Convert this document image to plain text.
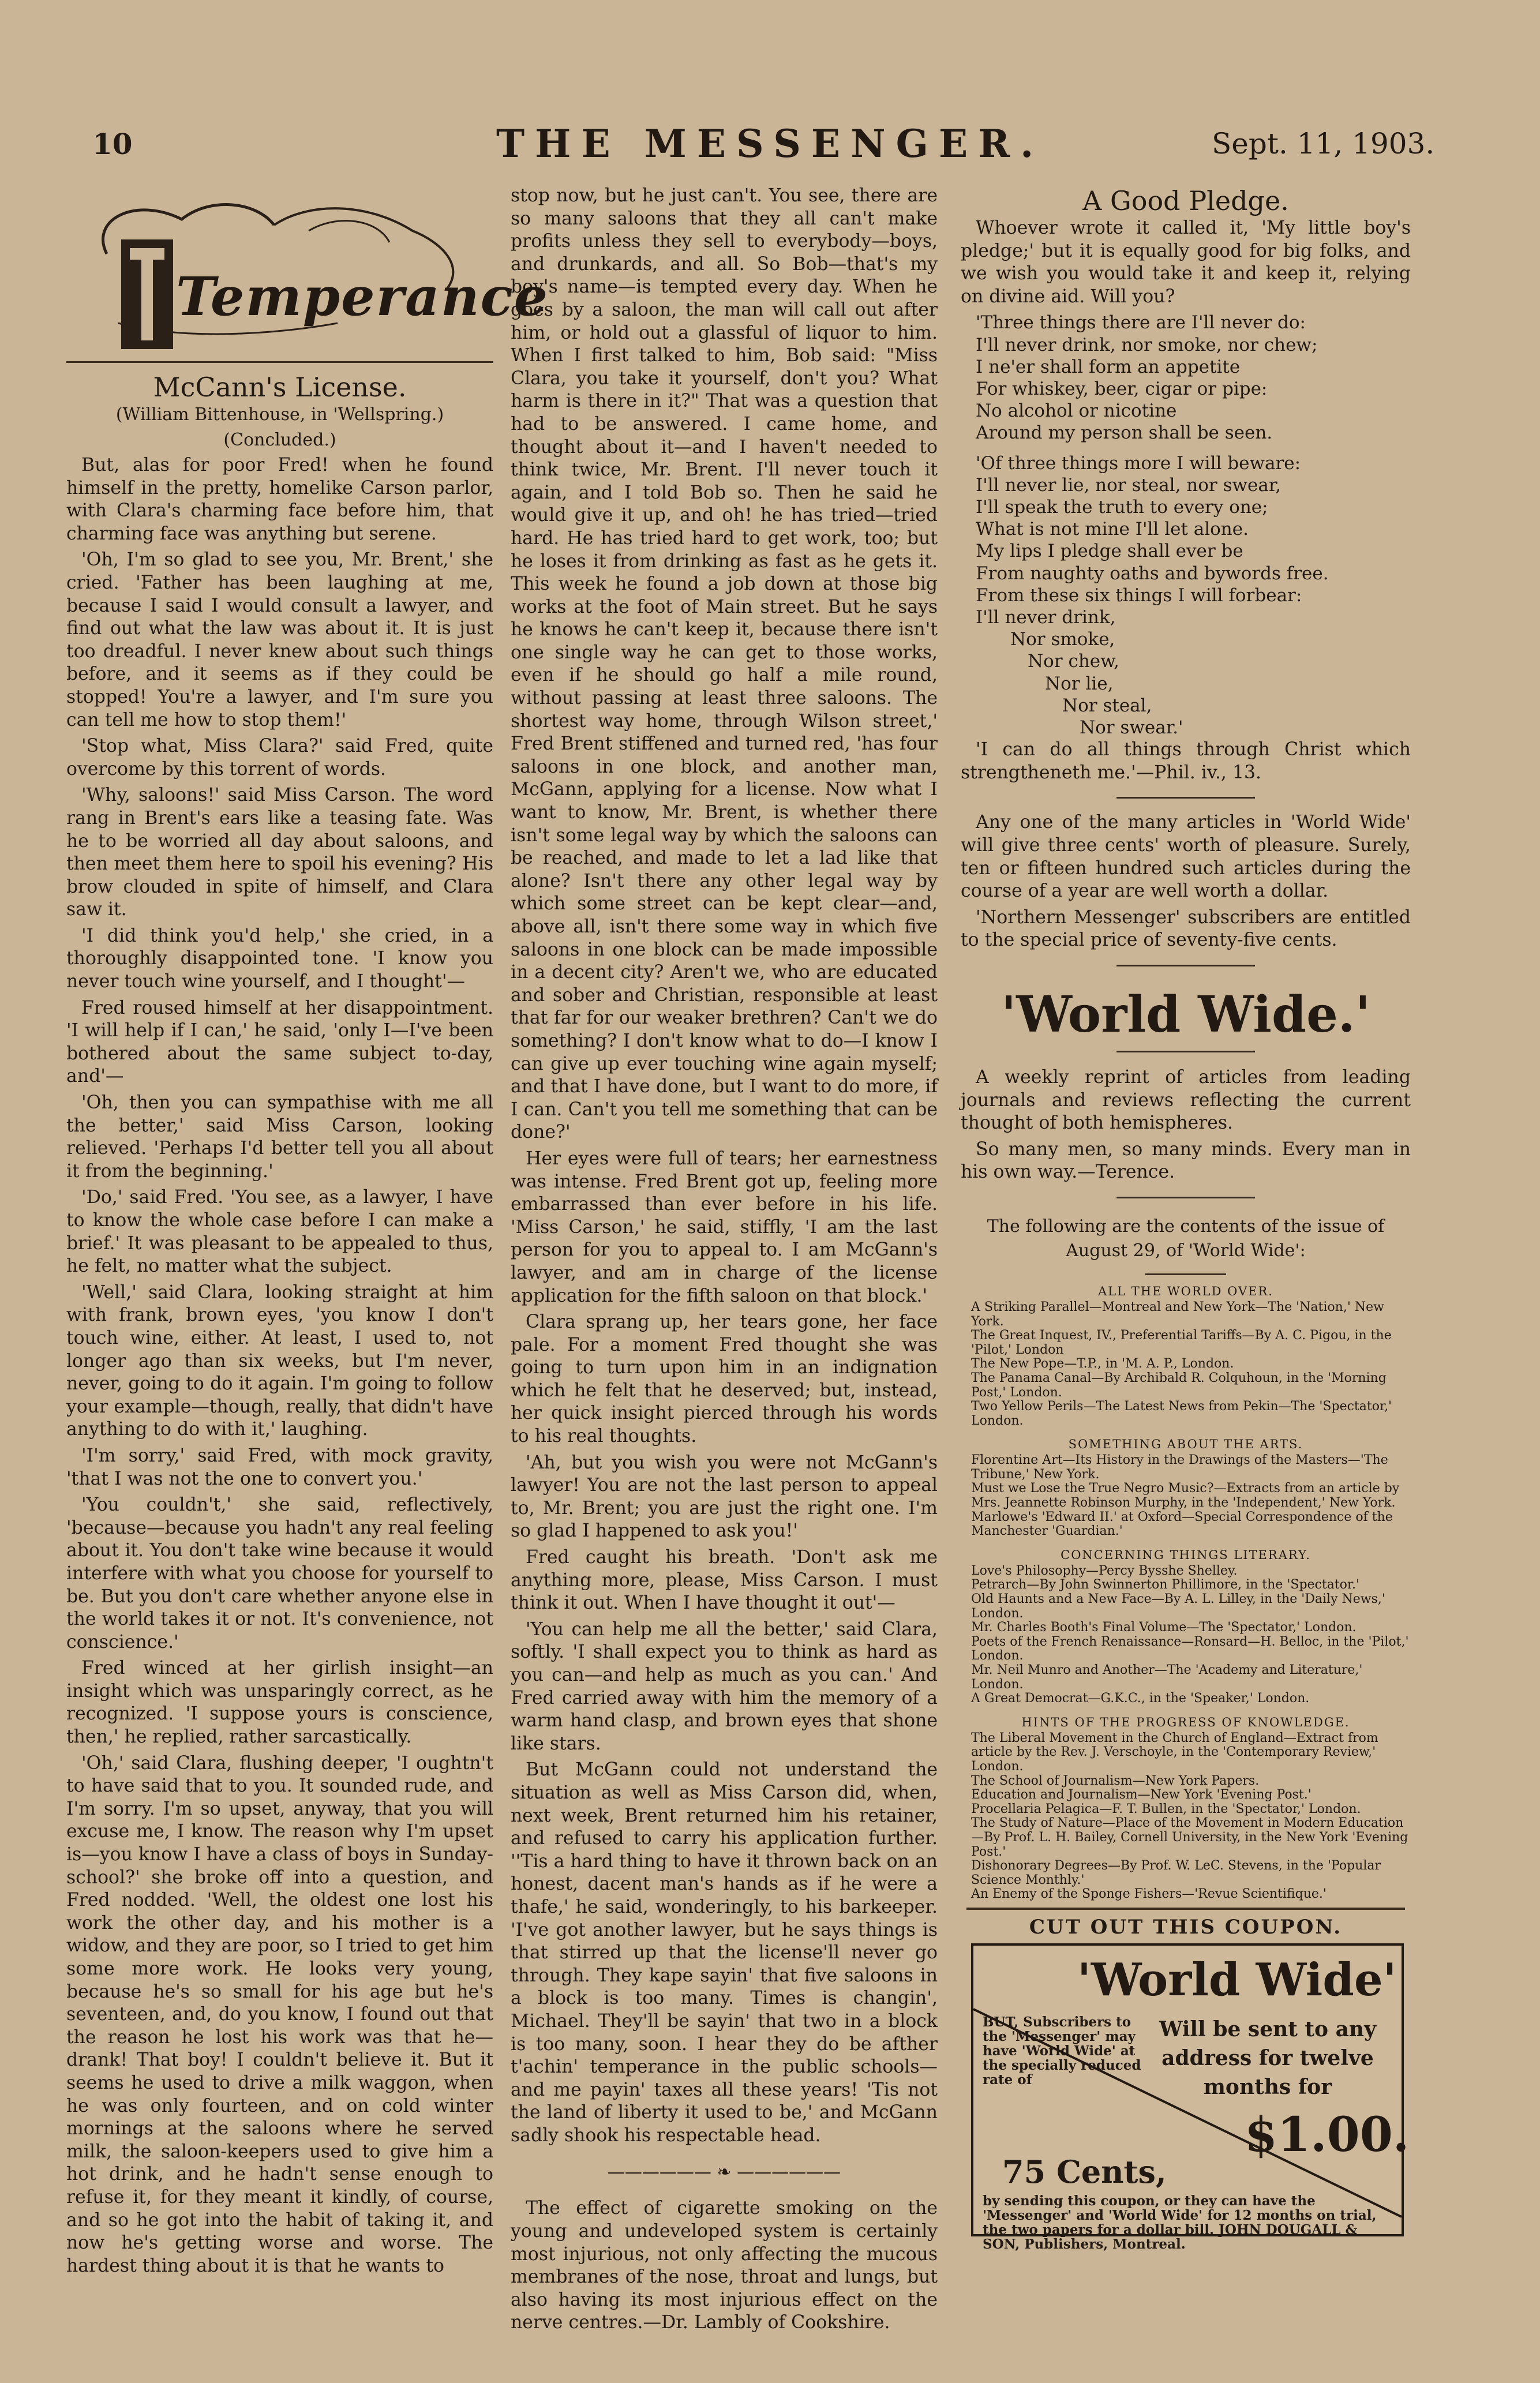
10	THE MESSENGER.	Sept. 11, 1903.
Temperance
McCann's License.
(William Bittenhouse, in 'Wellspring.)
(Concluded.)

But, alas for poor Fred! when he found himself in the pretty, homelike Carson parlor, with Clara's charming face before him, that charming face was anything but serene.

'Oh, I'm so glad to see you, Mr. Brent,' she cried. 'Father has been laughing at me, because I said I would consult a lawyer, and find out what the law was about it. It is just too dreadful. I never knew about such things before, and it seems as if they could be stopped! You're a lawyer, and I'm sure you can tell me how to stop them!'

'Stop what, Miss Clara?' said Fred, quite overcome by this torrent of words.

'Why, saloons!' said Miss Carson. The word rang in Brent's ears like a teasing fate. Was he to be worried all day about saloons, and then meet them here to spoil his evening? His brow clouded in spite of himself, and Clara saw it.

'I did think you'd help,' she cried, in a thoroughly disappointed tone. 'I know you never touch wine yourself, and I thought'—

Fred roused himself at her disappointment. 'I will help if I can,' he said, 'only I—I've been bothered about the same subject to-day, and'—

'Oh, then you can sympathise with me all the better,' said Miss Carson, looking relieved. 'Perhaps I'd better tell you all about it from the beginning.'

'Do,' said Fred. 'You see, as a lawyer, I have to know the whole case before I can make a brief.' It was pleasant to be appealed to thus, he felt, no matter what the subject.

'Well,' said Clara, looking straight at him with frank, brown eyes, 'you know I don't touch wine, either. At least, I used to, not longer ago than six weeks, but I'm never, never, going to do it again. I'm going to follow your example—though, really, that didn't have anything to do with it,' laughing.

'I'm sorry,' said Fred, with mock gravity, 'that I was not the one to convert you.'

'You couldn't,' she said, reflectively, 'because—because you hadn't any real feeling about it. You don't take wine because it would interfere with what you choose for yourself to be. But you don't care whether anyone else in the world takes it or not. It's convenience, not conscience.'

Fred winced at her girlish insight—an insight which was unsparingly correct, as he recognized. 'I suppose yours is conscience, then,' he replied, rather sarcastically.

'Oh,' said Clara, flushing deeper, 'I oughtn't to have said that to you. It sounded rude, and I'm sorry. I'm so upset, anyway, that you will excuse me, I know. The reason why I'm upset is—you know I have a class of boys in Sunday-school?' she broke off into a question, and Fred nodded. 'Well, the oldest one lost his work the other day, and his mother is a widow, and they are poor, so I tried to get him some more work. He looks very young, because he's so small for his age but he's seventeen, and, do you know, I found out that the reason he lost his work was that he—drank! That boy! I couldn't believe it. But it seems he used to drive a milk waggon, when he was only fourteen, and on cold winter mornings at the saloons where he served milk, the saloon-keepers used to give him a hot drink, and he hadn't sense enough to refuse it, for they meant it kindly, of course, and so he got into the habit of taking it, and now he's getting worse and worse. The hardest thing about it is that he wants to

stop now, but he just can't. You see, there are so many saloons that they all can't make profits unless they sell to everybody—boys, and drunkards, and all. So Bob—that's my boy's name—is tempted every day. When he goes by a saloon, the man will call out after him, or hold out a glassful of liquor to him. When I first talked to him, Bob said: "Miss Clara, you take it yourself, don't you? What harm is there in it?" That was a question that had to be answered. I came home, and thought about it—and I haven't needed to think twice, Mr. Brent. I'll never touch it again, and I told Bob so. Then he said he would give it up, and oh! he has tried—tried hard. He has tried hard to get work, too; but he loses it from drinking as fast as he gets it. This week he found a job down at those big works at the foot of Main street. But he says he knows he can't keep it, because there isn't one single way he can get to those works, even if he should go half a mile round, without passing at least three saloons. The shortest way home, through Wilson street,' Fred Brent stiffened and turned red, 'has four saloons in one block, and another man, McGann, applying for a license. Now what I want to know, Mr. Brent, is whether there isn't some legal way by which the saloons can be reached, and made to let a lad like that alone? Isn't there any other legal way by which some street can be kept clear—and, above all, isn't there some way in which five saloons in one block can be made impossible in a decent city? Aren't we, who are educated and sober and Christian, responsible at least that far for our weaker brethren? Can't we do something? I don't know what to do—I know I can give up ever touching wine again myself; and that I have done, but I want to do more, if I can. Can't you tell me something that can be done?'

Her eyes were full of tears; her earnestness was intense. Fred Brent got up, feeling more embarrassed than ever before in his life. 'Miss Carson,' he said, stiffly, 'I am the last person for you to appeal to. I am McGann's lawyer, and am in charge of the license application for the fifth saloon on that block.'

Clara sprang up, her tears gone, her face pale. For a moment Fred thought she was going to turn upon him in an indignation which he felt that he deserved; but, instead, her quick insight pierced through his words to his real thoughts.

'Ah, but you wish you were not McGann's lawyer! You are not the last person to appeal to, Mr. Brent; you are just the right one. I'm so glad I happened to ask you!'

Fred caught his breath. 'Don't ask me anything more, please, Miss Carson. I must think it out. When I have thought it out'—

'You can help me all the better,' said Clara, softly. 'I shall expect you to think as hard as you can—and help as much as you can.' And Fred carried away with him the memory of a warm hand clasp, and brown eyes that shone like stars.

But McGann could not understand the situation as well as Miss Carson did, when, next week, Brent returned him his retainer, and refused to carry his application further. ''Tis a hard thing to have it thrown back on an honest, dacent man's hands as if he were a thafe,' he said, wonderingly, to his barkeeper. 'I've got another lawyer, but he says things is that stirred up that the license'll never go through. They kape sayin' that five saloons in a block is too many. Times is changin', Michael. They'll be sayin' that two in a block is too many, soon. I hear they do be afther t'achin' temperance in the public schools—and me payin' taxes all these years! 'Tis not the land of liberty it used to be,' and McGann sadly shook his respectable head.

—————— ❧ ——————

The effect of cigarette smoking on the young and undeveloped system is certainly most injurious, not only affecting the mucous membranes of the nose, throat and lungs, but also having its most injurious effect on the nerve centres.—Dr. Lambly of Cookshire.

A Good Pledge.

Whoever wrote it called it, 'My little boy's pledge;' but it is equally good for big folks, and we wish you would take it and keep it, relying on divine aid. Will you?

'Three things there are I'll never do:
I'll never drink, nor smoke, nor chew;
I ne'er shall form an appetite
For whiskey, beer, cigar or pipe:
No alcohol or nicotine
Around my person shall be seen.
'Of three things more I will beware:
I'll never lie, nor steal, nor swear,
I'll speak the truth to every one;
What is not mine I'll let alone.
My lips I pledge shall ever be
From naughty oaths and bywords free.
From these six things I will forbear:
I'll never drink,
Nor smoke,
Nor chew,
Nor lie,
Nor steal,
Nor swear.'

'I can do all things through Christ which strengtheneth me.'—Phil. iv., 13.

Any one of the many articles in 'World Wide' will give three cents' worth of pleasure. Surely, ten or fifteen hundred such articles during the course of a year are well worth a dollar.

'Northern Messenger' subscribers are entitled to the special price of seventy-five cents.

'World Wide.'

A weekly reprint of articles from leading journals and reviews reflecting the current thought of both hemispheres.

So many men, so many minds. Every man in his own way.—Terence.

The following are the contents of the issue of August 29, of 'World Wide':
ALL THE WORLD OVER.

A Striking Parallel—Montreal and New York—The 'Nation,' New York.

The Great Inquest, IV., Preferential Tariffs—By A. C. Pigou, in the 'Pilot,' London

The New Pope—T.P., in 'M. A. P., London.

The Panama Canal—By Archibald R. Colquhoun, in the 'Morning Post,' London.

Two Yellow Perils—The Latest News from Pekin—The 'Spectator,' London.

SOMETHING ABOUT THE ARTS.

Florentine Art—Its History in the Drawings of the Masters—'The Tribune,' New York.

Must we Lose the True Negro Music?—Extracts from an article by Mrs. Jeannette Robinson Murphy, in the 'Independent,' New York.

Marlowe's 'Edward II.' at Oxford—Special Correspondence of the Manchester 'Guardian.'

CONCERNING THINGS LITERARY.

Love's Philosophy—Percy Bysshe Shelley.

Petrarch—By John Swinnerton Phillimore, in the 'Spectator.'

Old Haunts and a New Face—By A. L. Lilley, in the 'Daily News,' London.

Mr. Charles Booth's Final Volume—The 'Spectator,' London.

Poets of the French Renaissance—Ronsard—H. Belloc, in the 'Pilot,' London.

Mr. Neil Munro and Another—The 'Academy and Literature,' London.

A Great Democrat—G.K.C., in the 'Speaker,' London.

HINTS OF THE PROGRESS OF KNOWLEDGE.

The Liberal Movement in the Church of England—Extract from article by the Rev. J. Verschoyle, in the 'Contemporary Review,' London.

The School of Journalism—New York Papers.

Education and Journalism—New York 'Evening Post.'

Procellaria Pelagica—F. T. Bullen, in the 'Spectator,' London.

The Study of Nature—Place of the Movement in Modern Education—By Prof. L. H. Bailey, Cornell University, in the New York 'Evening Post.'

Dishonorary Degrees—By Prof. W. LeC. Stevens, in the 'Popular Science Monthly.'

An Enemy of the Sponge Fishers—'Revue Scientifique.'

CUT OUT THIS COUPON.
'World Wide'
Will be sent to any address for twelve months for
$1.00.
BUT, Subscribers to the 'Messenger' may have 'World Wide' at the specially reduced rate of
75 Cents,
by sending this coupon, or they can have the 'Messenger' and 'World Wide' for 12 months on trial, the two papers for a dollar bill. JOHN DOUGALL & SON, Publishers, Montreal.
